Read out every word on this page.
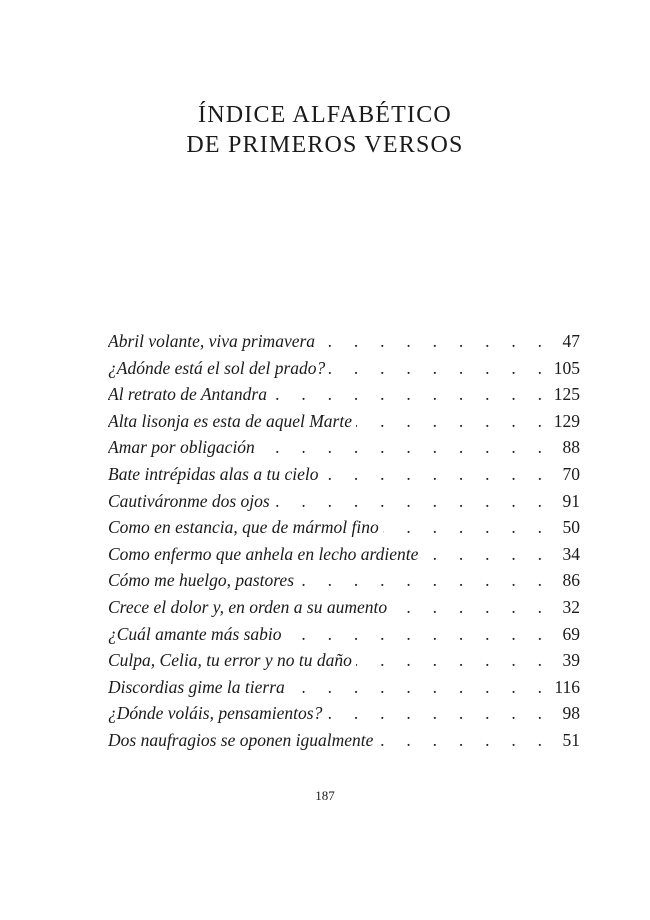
ÍNDICE ALFABÉTICO
DE PRIMEROS VERSOS
Abril volante, viva primavera .	47
¿Adónde está el sol del prado? .	105
Al retrato de Antandra .	125
Alta lisonja es esta de aquel Marte .	129
Amar por obligación .	88
Bate intrépidas alas a tu cielo .	70
Cautiváronme dos ojos .	91
Como en estancia, que de mármol fino .	50
Como enfermo que anhela en lecho ardiente .	34
Cómo me huelgo, pastores .	86
Crece el dolor y, en orden a su aumento .	32
¿Cuál amante más sabio .	69
Culpa, Celia, tu error y no tu daño .	39
Discordias gime la tierra .	116
¿Dónde voláis, pensamientos? .	98
Dos naufragios se oponen igualmente .	51
187
